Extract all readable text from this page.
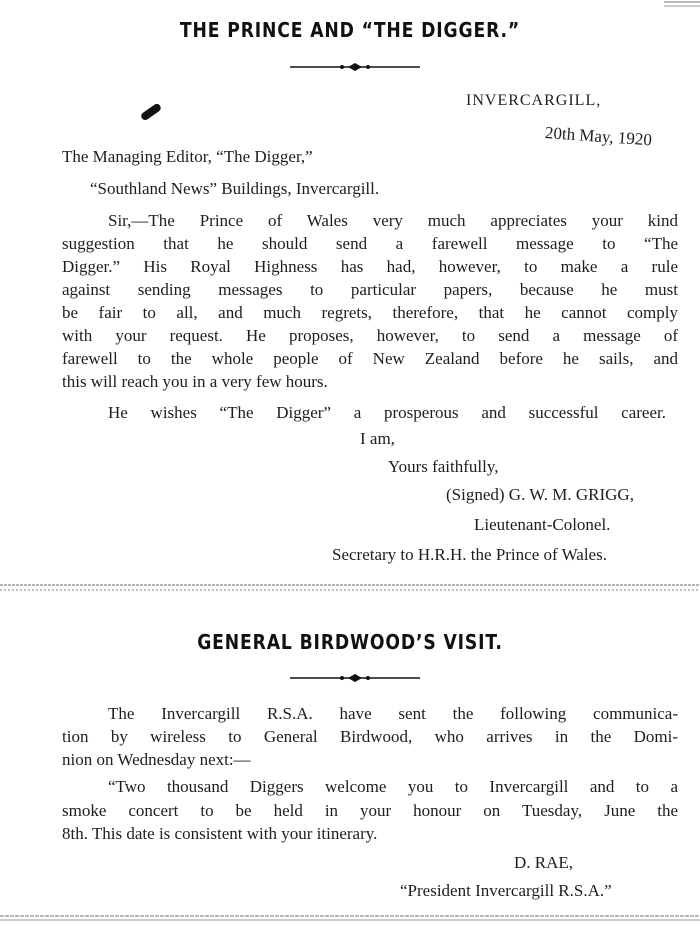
THE PRINCE AND “THE DIGGER.”
INVERCARGILL,
20th May, 1920
The Managing Editor, “The Digger,”
“Southland News” Buildings, Invercargill.
Sir,—The Prince of Wales very much appreciates your kind
suggestion that he should send a farewell message to “The
Digger.” His Royal Highness has had, however, to make a rule
against sending messages to particular papers, because he must
be fair to all, and much regrets, therefore, that he cannot comply
with your request. He proposes, however, to send a message of
farewell to the whole people of New Zealand before he sails, and
this will reach you in a very few hours.
He wishes “The Digger” a prosperous and successful career.
I am,
Yours faithfully,
(Signed) G. W. M. GRIGG,
Lieutenant-Colonel.
Secretary to H.R.H. the Prince of Wales.
GENERAL BIRDWOOD’S VISIT.
The Invercargill R.S.A. have sent the following communica-
tion by wireless to General Birdwood, who arrives in the Domi-
nion on Wednesday next:—
“Two thousand Diggers welcome you to Invercargill and to a
smoke concert to be held in your honour on Tuesday, June the
8th. This date is consistent with your itinerary.
D. RAE,
“President Invercargill R.S.A.”
